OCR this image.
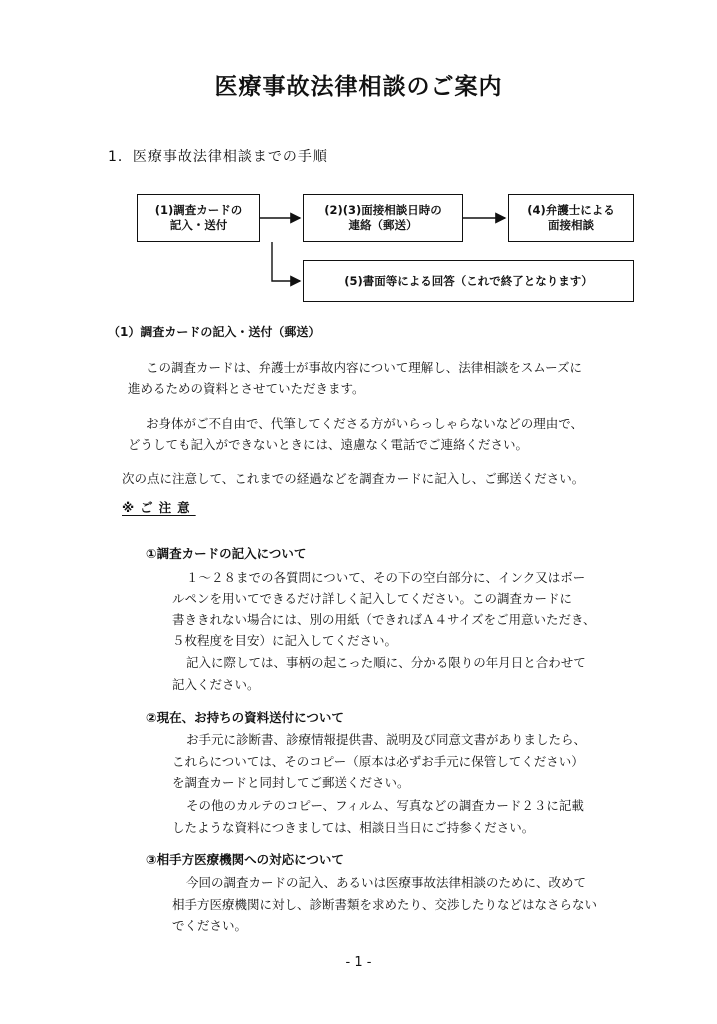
医療事故法律相談のご案内
1．医療事故法律相談までの手順
(1)調査カードの
記入・送付
(2)(3)面接相談日時の
連絡（郵送）
(4)弁護士による
面接相談
(5)書面等による回答（これで終了となります）
（1）調査カードの記入・送付（郵送）
この調査カードは、弁護士が事故内容について理解し、法律相談をスムーズに
進めるための資料とさせていただきます。
お身体がご不自由で、代筆してくださる方がいらっしゃらないなどの理由で、
どうしても記入ができないときには、遠慮なく電話でご連絡ください。
次の点に注意して、これまでの経過などを調査カードに記入し、ご郵送ください。
※ご注意
①調査カードの記入について
１～２８までの各質問について、その下の空白部分に、インク又はボー
ルペンを用いてできるだけ詳しく記入してください。この調査カードに
書ききれない場合には、別の用紙（できればＡ４サイズをご用意いただき、
５枚程度を目安）に記入してください。
記入に際しては、事柄の起こった順に、分かる限りの年月日と合わせて
記入ください。
②現在、お持ちの資料送付について
お手元に診断書、診療情報提供書、説明及び同意文書がありましたら、
これらについては、そのコピー（原本は必ずお手元に保管してください）
を調査カードと同封してご郵送ください。
その他のカルテのコピー、フィルム、写真などの調査カード２３に記載
したような資料につきましては、相談日当日にご持参ください。
③相手方医療機関への対応について
今回の調査カードの記入、あるいは医療事故法律相談のために、改めて
相手方医療機関に対し、診断書類を求めたり、交渉したりなどはなさらない
でください。
- 1 -
